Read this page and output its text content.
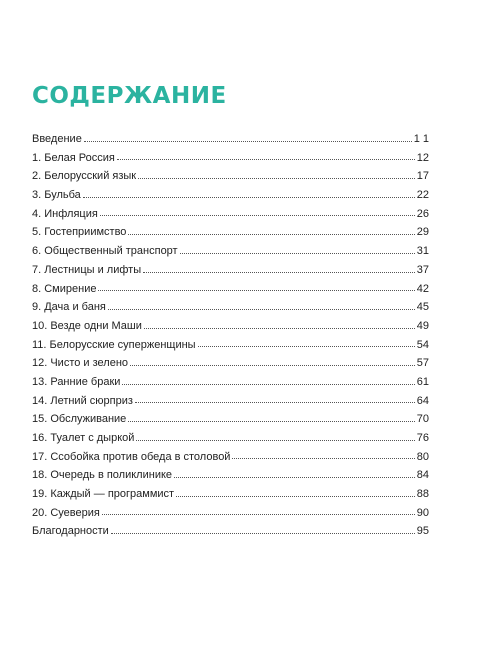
СОДЕРЖАНИЕ
Введение	1 1
1. Белая Россия	12
2. Белорусский язык	17
3. Бульба	22
4. Инфляция	26
5. Гостеприимство	29
6. Общественный транспорт	31
7. Лестницы и лифты	37
8. Смирение	42
9. Дача и баня	45
10. Везде одни Маши	49
11. Белорусские суперженщины	54
12. Чисто и зелено	57
13. Ранние браки	61
14. Летний сюрприз	64
15. Обслуживание	70
16. Туалет с дыркой	76
17. Ссобойка против обеда в столовой	80
18. Очередь в поликлинике	84
19. Каждый — программист	88
20. Суеверия	90
Благодарности	95
